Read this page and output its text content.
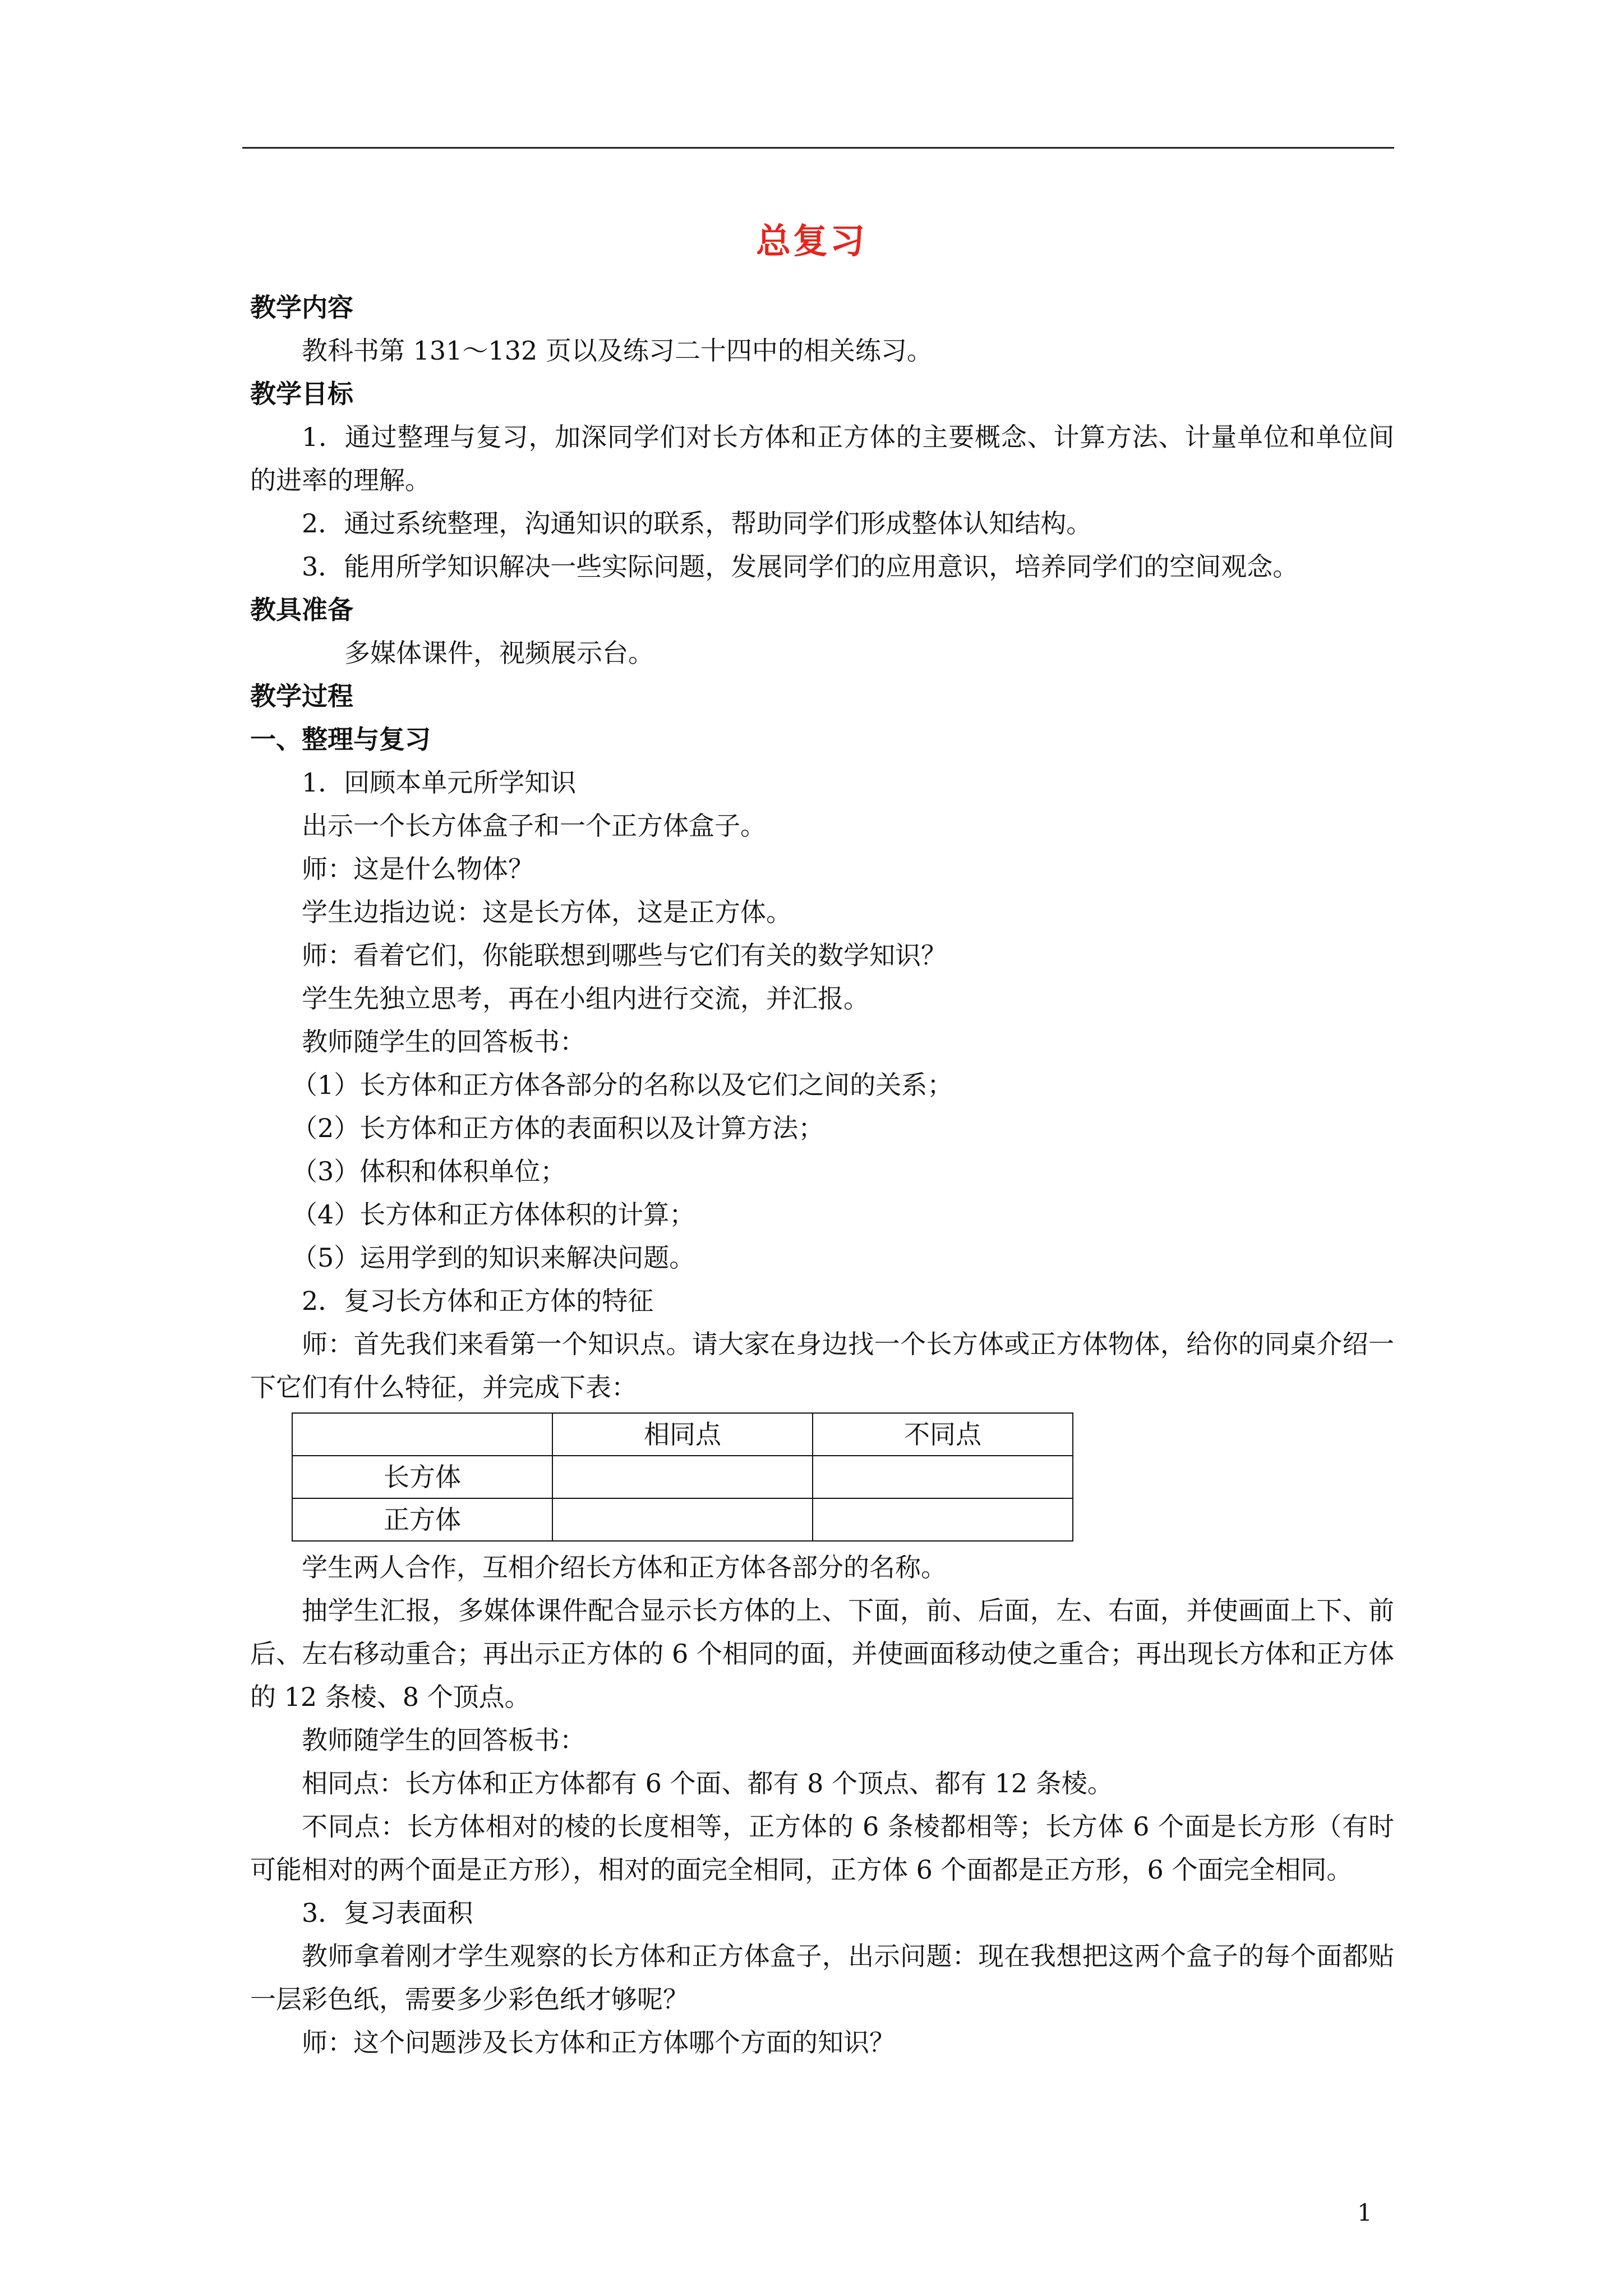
总复习

教学内容

教科书第 131～132 页以及练习二十四中的相关练习。

教学目标

1．通过整理与复习，加深同学们对长方体和正方体的主要概念、计算方法、计量单位和单位间的进率的理解。

2．通过系统整理，沟通知识的联系，帮助同学们形成整体认知结构。

3．能用所学知识解决一些实际问题，发展同学们的应用意识，培养同学们的空间观念。

教具准备

多媒体课件，视频展示台。

教学过程

一、整理与复习

1．回顾本单元所学知识

出示一个长方体盒子和一个正方体盒子。

师：这是什么物体？

学生边指边说：这是长方体，这是正方体。

师：看着它们，你能联想到哪些与它们有关的数学知识？

学生先独立思考，再在小组内进行交流，并汇报。

教师随学生的回答板书：

（1）长方体和正方体各部分的名称以及它们之间的关系；

（2）长方体和正方体的表面积以及计算方法；

（3）体积和体积单位；

（4）长方体和正方体体积的计算；

（5）运用学到的知识来解决问题。

2．复习长方体和正方体的特征

师：首先我们来看第一个知识点。请大家在身边找一个长方体或正方体物体，给你的同桌介绍一下它们有什么特征，并完成下表：

	相同点	不同点
长方体		
正方体		

学生两人合作，互相介绍长方体和正方体各部分的名称。

抽学生汇报，多媒体课件配合显示长方体的上、下面，前、后面，左、右面，并使画面上下、前后、左右移动重合；再出示正方体的 6 个相同的面，并使画面移动使之重合；再出现长方体和正方体的 12 条棱、8 个顶点。

教师随学生的回答板书：

相同点：长方体和正方体都有 6 个面、都有 8 个顶点、都有 12 条棱。

不同点：长方体相对的棱的长度相等，正方体的 6 条棱都相等；长方体 6 个面是长方形（有时可能相对的两个面是正方形），相对的面完全相同，正方体 6 个面都是正方形，6 个面完全相同。

3．复习表面积

教师拿着刚才学生观察的长方体和正方体盒子，出示问题：现在我想把这两个盒子的每个面都贴一层彩色纸，需要多少彩色纸才够呢？

师：这个问题涉及长方体和正方体哪个方面的知识？

1
